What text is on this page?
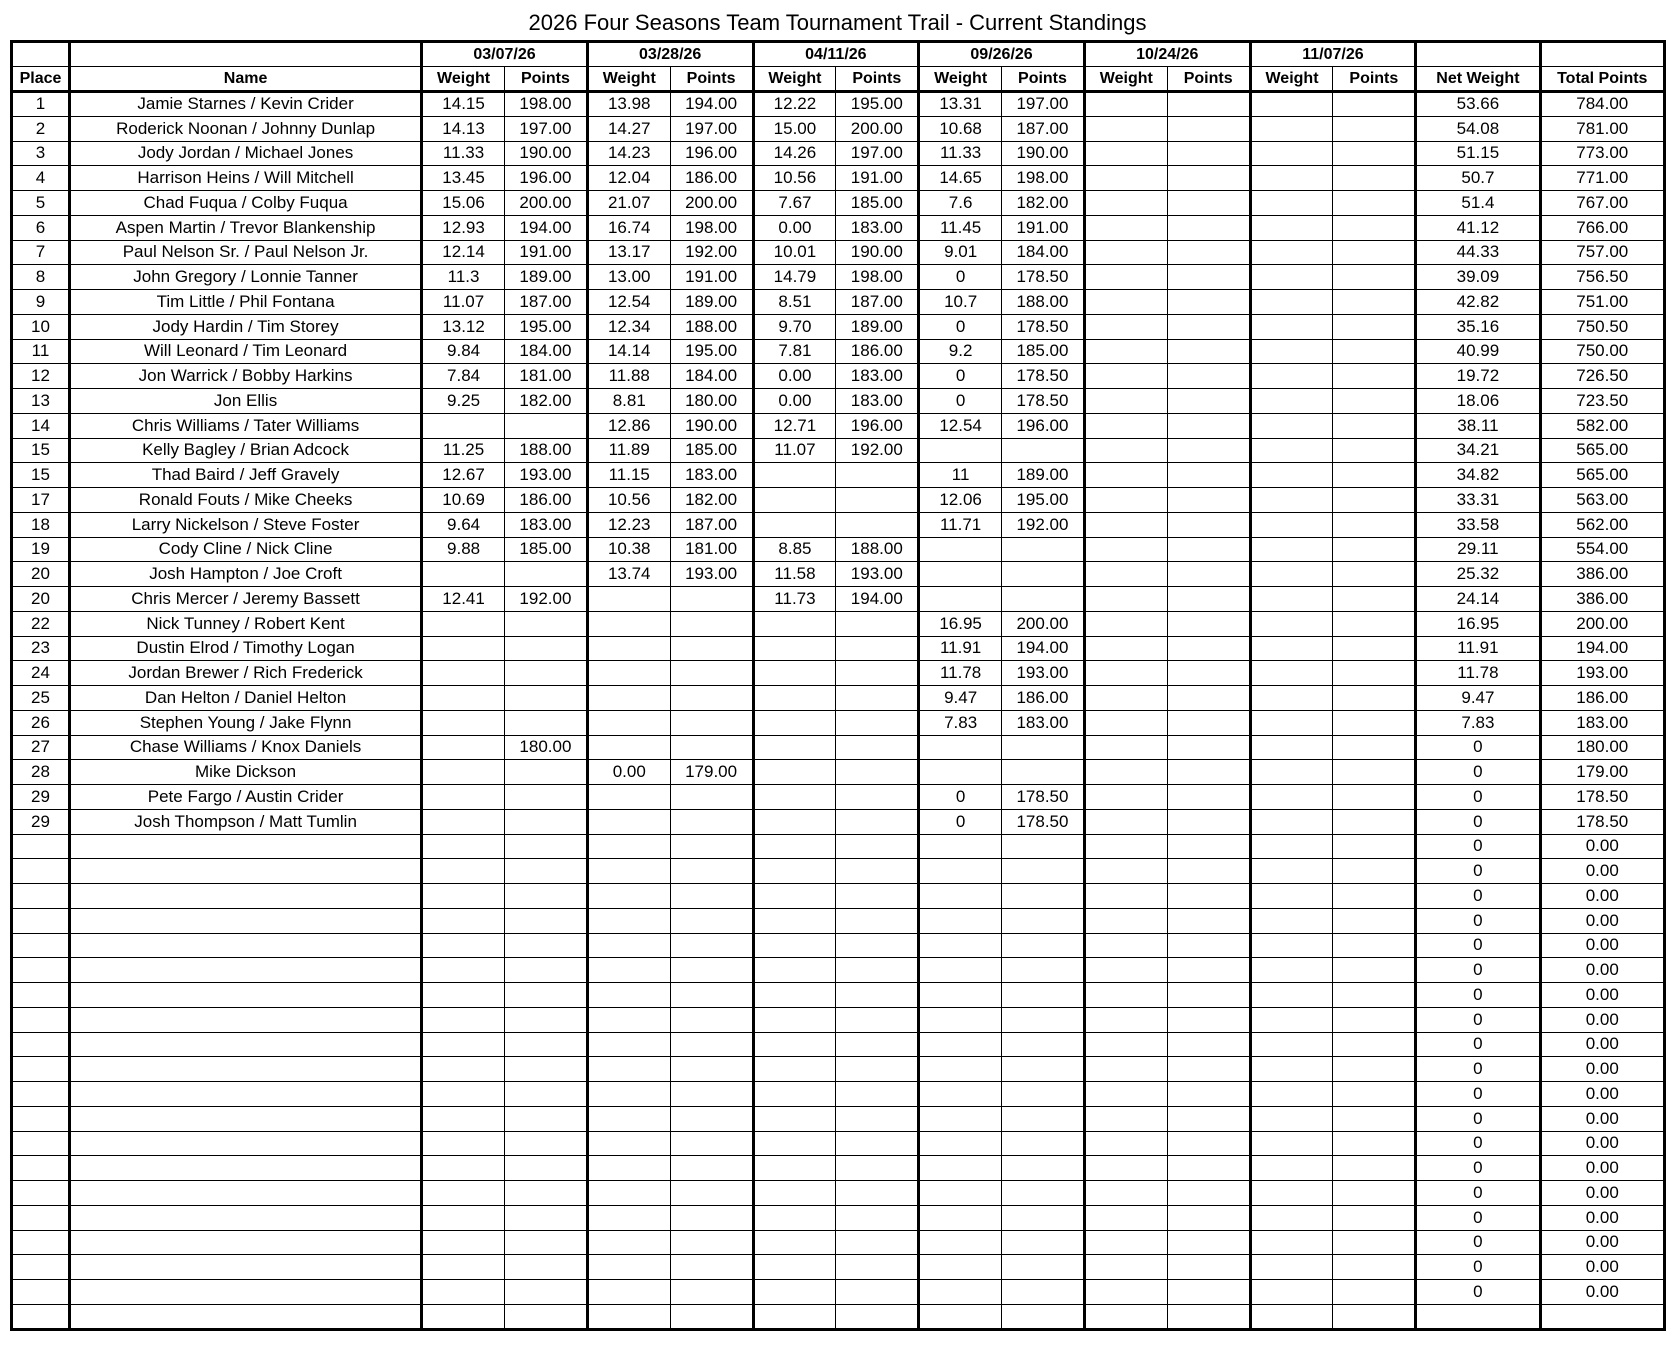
2026 Four Seasons Team Tournament Trail - Current Standings
		03/07/26		03/28/26		04/11/26		09/26/26		10/24/26		11/07/26			
Place	Name	Weight	Points	Weight	Points	Weight	Points	Weight	Points	Weight	Points	Weight	Points	Net Weight	Total Points
1	Jamie Starnes / Kevin Crider	14.15	198.00	13.98	194.00	12.22	195.00	13.31	197.00					53.66	784.00
2	Roderick Noonan / Johnny Dunlap	14.13	197.00	14.27	197.00	15.00	200.00	10.68	187.00					54.08	781.00
3	Jody Jordan / Michael Jones	11.33	190.00	14.23	196.00	14.26	197.00	11.33	190.00					51.15	773.00
4	Harrison Heins / Will Mitchell	13.45	196.00	12.04	186.00	10.56	191.00	14.65	198.00					50.7	771.00
5	Chad Fuqua / Colby Fuqua	15.06	200.00	21.07	200.00	7.67	185.00	7.6	182.00					51.4	767.00
6	Aspen Martin / Trevor Blankenship	12.93	194.00	16.74	198.00	0.00	183.00	11.45	191.00					41.12	766.00
7	Paul Nelson Sr. / Paul Nelson Jr.	12.14	191.00	13.17	192.00	10.01	190.00	9.01	184.00					44.33	757.00
8	John Gregory / Lonnie Tanner	11.3	189.00	13.00	191.00	14.79	198.00	0	178.50					39.09	756.50
9	Tim Little / Phil Fontana	11.07	187.00	12.54	189.00	8.51	187.00	10.7	188.00					42.82	751.00
10	Jody Hardin / Tim Storey	13.12	195.00	12.34	188.00	9.70	189.00	0	178.50					35.16	750.50
11	Will Leonard / Tim Leonard	9.84	184.00	14.14	195.00	7.81	186.00	9.2	185.00					40.99	750.00
12	Jon Warrick / Bobby Harkins	7.84	181.00	11.88	184.00	0.00	183.00	0	178.50					19.72	726.50
13	Jon Ellis	9.25	182.00	8.81	180.00	0.00	183.00	0	178.50					18.06	723.50
14	Chris Williams / Tater Williams			12.86	190.00	12.71	196.00	12.54	196.00					38.11	582.00
15	Kelly Bagley / Brian Adcock	11.25	188.00	11.89	185.00	11.07	192.00							34.21	565.00
15	Thad Baird / Jeff Gravely	12.67	193.00	11.15	183.00			11	189.00					34.82	565.00
17	Ronald Fouts / Mike Cheeks	10.69	186.00	10.56	182.00			12.06	195.00					33.31	563.00
18	Larry Nickelson / Steve Foster	9.64	183.00	12.23	187.00			11.71	192.00					33.58	562.00
19	Cody Cline / Nick Cline	9.88	185.00	10.38	181.00	8.85	188.00							29.11	554.00
20	Josh Hampton / Joe Croft			13.74	193.00	11.58	193.00							25.32	386.00
20	Chris Mercer / Jeremy Bassett	12.41	192.00			11.73	194.00							24.14	386.00
22	Nick Tunney / Robert Kent							16.95	200.00					16.95	200.00
23	Dustin Elrod / Timothy Logan							11.91	194.00					11.91	194.00
24	Jordan Brewer / Rich Frederick							11.78	193.00					11.78	193.00
25	Dan Helton / Daniel Helton							9.47	186.00					9.47	186.00
26	Stephen Young / Jake Flynn							7.83	183.00					7.83	183.00
27	Chase Williams / Knox Daniels		180.00											0	180.00
28	Mike Dickson			0.00	179.00									0	179.00
29	Pete Fargo / Austin Crider							0	178.50					0	178.50
29	Josh Thompson / Matt Tumlin							0	178.50					0	178.50
														0	0.00
														0	0.00
														0	0.00
														0	0.00
														0	0.00
														0	0.00
														0	0.00
														0	0.00
														0	0.00
														0	0.00
														0	0.00
														0	0.00
														0	0.00
														0	0.00
														0	0.00
														0	0.00
														0	0.00
														0	0.00
														0	0.00
